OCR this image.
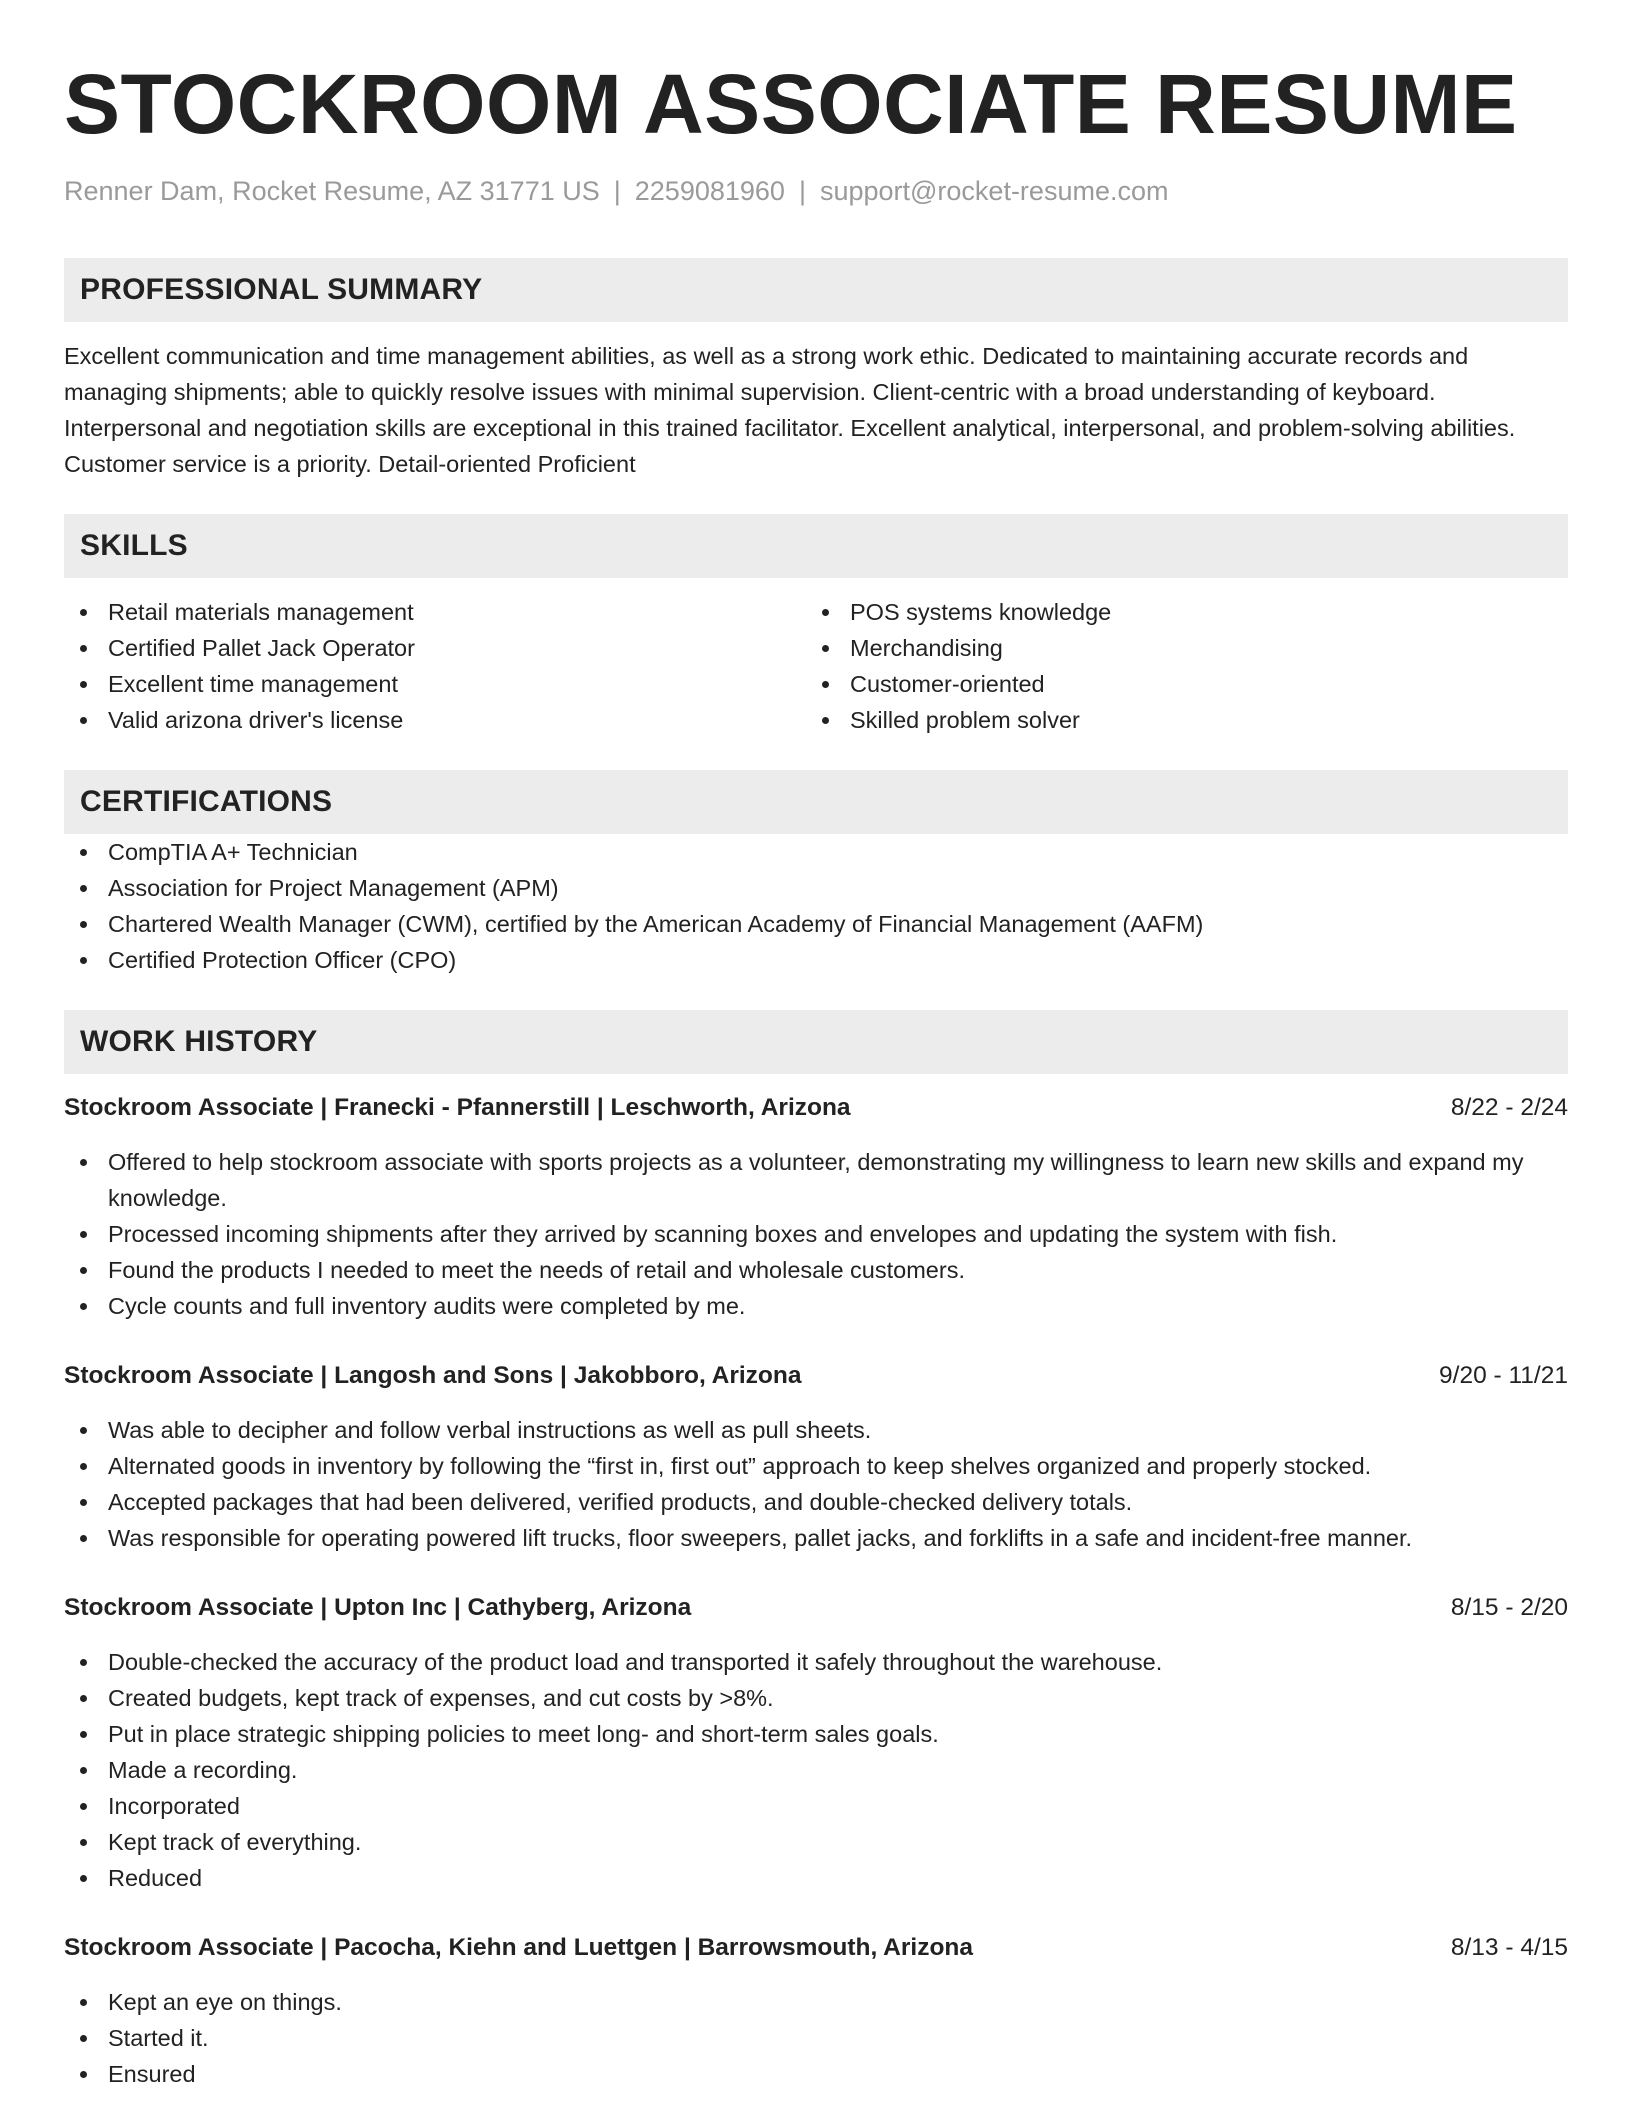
STOCKROOM ASSOCIATE RESUME
Renner Dam, Rocket Resume, AZ 31771 US | 2259081960 | support@rocket-resume.com
PROFESSIONAL SUMMARY
Excellent communication and time management abilities, as well as a strong work ethic. Dedicated to maintaining accurate records and managing shipments; able to quickly resolve issues with minimal supervision. Client-centric with a broad understanding of keyboard. Interpersonal and negotiation skills are exceptional in this trained facilitator. Excellent analytical, interpersonal, and problem-solving abilities. Customer service is a priority. Detail-oriented Proficient
SKILLS
Retail materials management
Certified Pallet Jack Operator
Excellent time management
Valid arizona driver's license
POS systems knowledge
Merchandising
Customer-oriented
Skilled problem solver
CERTIFICATIONS
CompTIA A+ Technician
Association for Project Management (APM)
Chartered Wealth Manager (CWM), certified by the American Academy of Financial Management (AAFM)
Certified Protection Officer (CPO)
WORK HISTORY
Stockroom Associate | Franecki - Pfannerstill | Leschworth, Arizona	8/22 - 2/24
Offered to help stockroom associate with sports projects as a volunteer, demonstrating my willingness to learn new skills and expand my knowledge.
Processed incoming shipments after they arrived by scanning boxes and envelopes and updating the system with fish.
Found the products I needed to meet the needs of retail and wholesale customers.
Cycle counts and full inventory audits were completed by me.
Stockroom Associate | Langosh and Sons | Jakobboro, Arizona	9/20 - 11/21
Was able to decipher and follow verbal instructions as well as pull sheets.
Alternated goods in inventory by following the “first in, first out” approach to keep shelves organized and properly stocked.
Accepted packages that had been delivered, verified products, and double-checked delivery totals.
Was responsible for operating powered lift trucks, floor sweepers, pallet jacks, and forklifts in a safe and incident-free manner.
Stockroom Associate | Upton Inc | Cathyberg, Arizona	8/15 - 2/20
Double-checked the accuracy of the product load and transported it safely throughout the warehouse.
Created budgets, kept track of expenses, and cut costs by >8%.
Put in place strategic shipping policies to meet long- and short-term sales goals.
Made a recording.
Incorporated
Kept track of everything.
Reduced
Stockroom Associate | Pacocha, Kiehn and Luettgen | Barrowsmouth, Arizona	8/13 - 4/15
Kept an eye on things.
Started it.
Ensured
